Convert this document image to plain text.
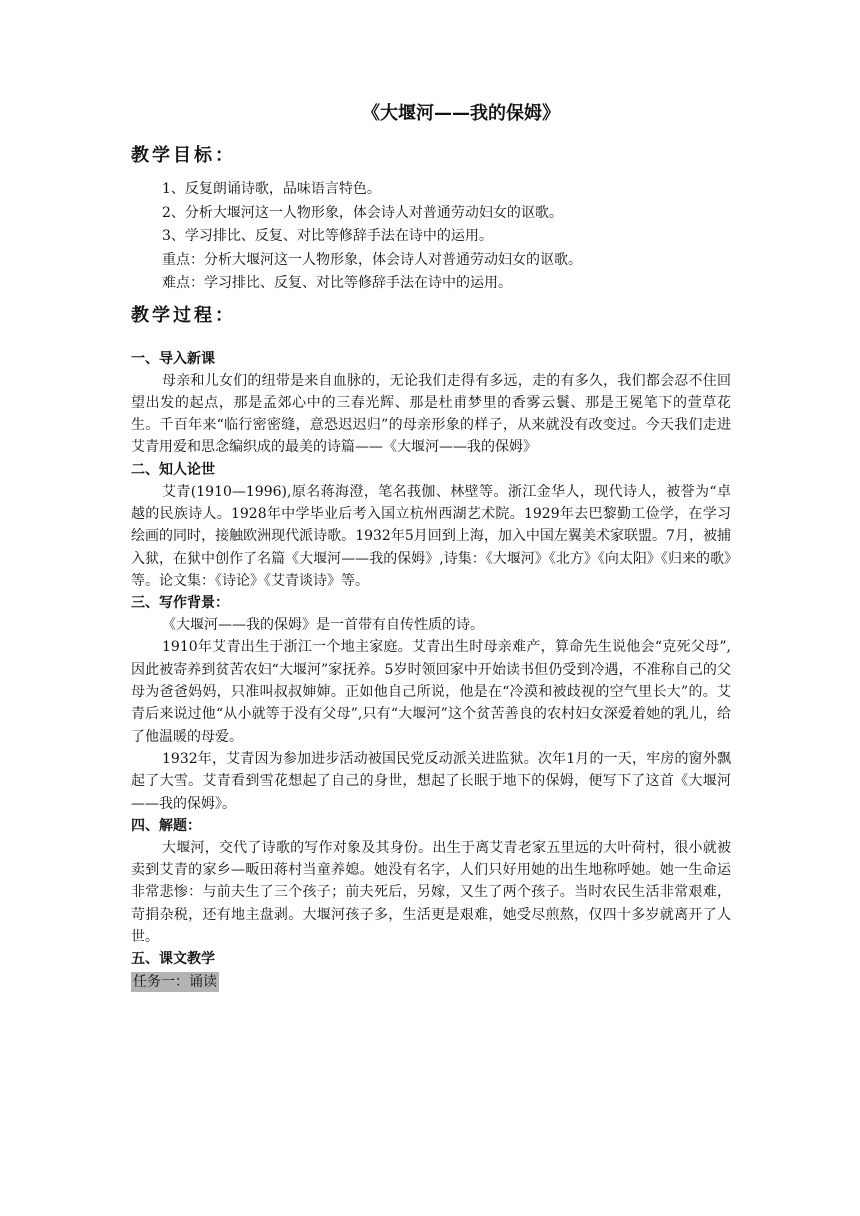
《大堰河——我的保姆》
教学目标：
1、反复朗诵诗歌，品味语言特色。
2、分析大堰河这一人物形象，体会诗人对普通劳动妇女的讴歌。
3、学习排比、反复、对比等修辞手法在诗中的运用。
重点：分析大堰河这一人物形象，体会诗人对普通劳动妇女的讴歌。
难点：学习排比、反复、对比等修辞手法在诗中的运用。
教学过程：
一、导入新课

母亲和儿女们的纽带是来自血脉的，无论我们走得有多远，走的有多久，我们都会忍不住回望出发的起点，那是孟郊心中的三春光辉、那是杜甫梦里的香雾云鬟、那是王冕笔下的萱草花生。千百年来“临行密密缝，意恐迟迟归”的母亲形象的样子，从来就没有改变过。今天我们走进艾青用爱和思念编织成的最美的诗篇——《大堰河——我的保姆》

二、知人论世

艾青(1910—1996),原名蒋海澄，笔名莪伽、林壁等。浙江金华人，现代诗人，被誉为“卓越的民族诗人。1928年中学毕业后考入国立杭州西湖艺术院。1929年去巴黎勤工俭学，在学习绘画的同时，接触欧洲现代派诗歌。1932年5月回到上海，加入中国左翼美术家联盟。7月，被捕入狱，在狱中创作了名篇《大堰河——我的保姆》,诗集：《大堰河》《北方》《向太阳》《归来的歌》等。论文集：《诗论》《艾青谈诗》等。

三、写作背景：

《大堰河——我的保姆》是一首带有自传性质的诗。

1910年艾青出生于浙江一个地主家庭。艾青出生时母亲难产，算命先生说他会“克死父母”,因此被寄养到贫苦农妇“大堰河”家抚养。5岁时领回家中开始读书但仍受到冷遇，不准称自己的父母为爸爸妈妈，只准叫叔叔婶婶。正如他自己所说，他是在“冷漠和被歧视的空气里长大”的。艾青后来说过他“从小就等于没有父母”,只有“大堰河”这个贫苦善良的农村妇女深爱着她的乳儿，给了他温暖的母爱。

1932年，艾青因为参加进步活动被国民党反动派关进监狱。次年1月的一天，牢房的窗外飘起了大雪。艾青看到雪花想起了自己的身世，想起了长眠于地下的保姆，便写下了这首《大堰河——我的保姆》。

四、解题：

大堰河，交代了诗歌的写作对象及其身份。出生于离艾青老家五里远的大叶荷村，很小就被卖到艾青的家乡—畈田蒋村当童养媳。她没有名字，人们只好用她的出生地称呼她。她一生命运非常悲惨：与前夫生了三个孩子；前夫死后，另嫁，又生了两个孩子。当时农民生活非常艰难，苛捐杂税，还有地主盘剥。大堰河孩子多，生活更是艰难，她受尽煎熬，仅四十多岁就离开了人世。

五、课文教学
任务一：诵读
